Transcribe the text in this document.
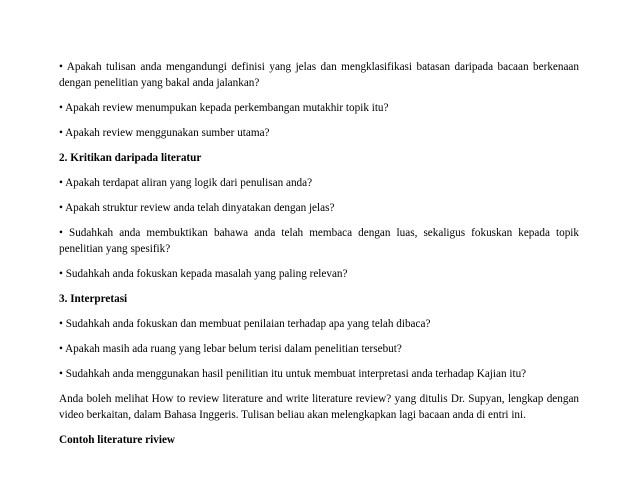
• Apakah tulisan anda mengandungi definisi yang jelas dan mengklasifikasi batasan daripada bacaan berkenaan dengan penelitian yang bakal anda jalankan?

• Apakah review menumpukan kepada perkembangan mutakhir topik itu?

• Apakah review menggunakan sumber utama?

2. Kritikan daripada literatur

• Apakah terdapat aliran yang logik dari penulisan anda?

• Apakah struktur review anda telah dinyatakan dengan jelas?

• Sudahkah anda membuktikan bahawa anda telah membaca dengan luas, sekaligus fokuskan kepada topik penelitian yang spesifik?

• Sudahkah anda fokuskan kepada masalah yang paling relevan?

3. Interpretasi

• Sudahkah anda fokuskan dan membuat penilaian terhadap apa yang telah dibaca?

• Apakah masih ada ruang yang lebar belum terisi dalam penelitian tersebut?

• Sudahkah anda menggunakan hasil penilitian itu untuk membuat interpretasi anda terhadap Kajian itu?

Anda boleh melihat How to review literature and write literature review? yang ditulis Dr. Supyan, lengkap dengan video berkaitan, dalam Bahasa Inggeris. Tulisan beliau akan melengkapkan lagi bacaan anda di entri ini.

Contoh literature riview
